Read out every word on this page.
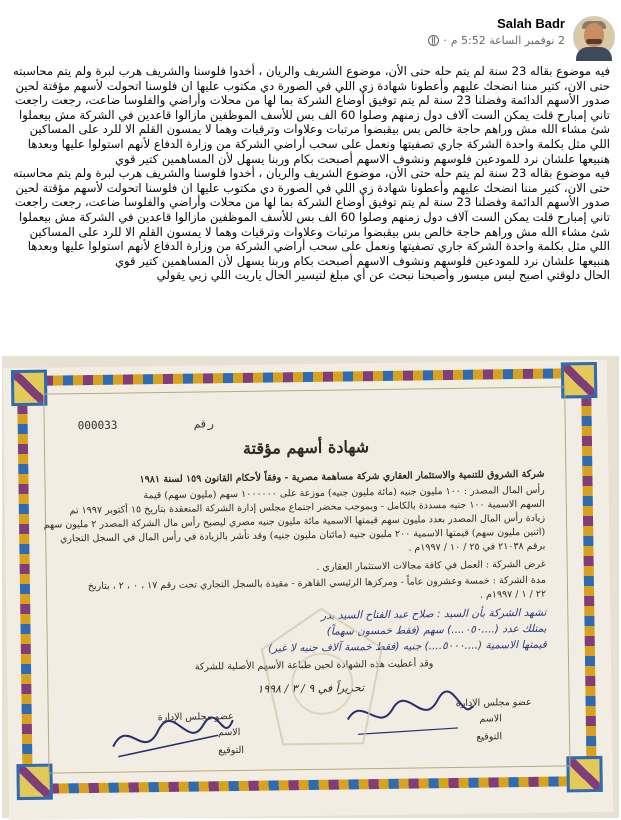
Salah Badr
2 نوفمبر الساعة 5:52 م
·
فيه موضوع بقاله 23 سنة لم يتم حله حتى الأن، موضوع الشريف والريان ، أخدوا فلوسنا والشريف هرب لبرة ولم يتم محاسبته حتى الان، كتير مننا انضحك عليهم وأعطونا شهادة زي اللي في الصورة دي مكتوب عليها ان فلوسنا اتحولت لأسهم مؤقتة لحين صدور الأسهم الدائمة وفضلنا 23 سنة لم يتم توفيق أوضاع الشركة بما لها من محلات وأراضي والفلوسا ضاعت، رجعت راجعت تاني إمبارح قلت يمكن الست آلاف دول زمنهم وصلوا 60 الف بس للأسف الموظفين مازالوا قاعدين في الشركة مش بيعملوا شئ مشاء الله مش وراهم حاجة خالص بس بيقبضوا مرتبات وعلاوات وترقيات وهما لا يمسون القلم الا للرد على المساكين اللي مثل بكلمة واحدة الشركة جاري تصفيتها ونعمل على سحب أراضي الشركة من وزارة الدفاع لأنهم استولوا عليها وبعدها هنبيعها علشان نرد للمودعين فلوسهم ونشوف الاسهم أصبحت بكام وربنا يسهل لأن المساهمين كتير قوي
فيه موضوع بقاله 23 سنة لم يتم حله حتى الأن، موضوع الشريف والريان ، أخدوا فلوسنا والشريف هرب لبرة ولم يتم محاسبته حتى الان، كتير مننا انضحك عليهم وأعطونا شهادة زي اللي في الصورة دي مكتوب عليها ان فلوسنا اتحولت لأسهم مؤقتة لحين صدور الأسهم الدائمة وفضلنا 23 سنة لم يتم توفيق أوضاع الشركة بما لها من محلات وأراضي والفلوسا ضاعت، رجعت راجعت تاني إمبارح قلت يمكن الست آلاف دول زمنهم وصلوا 60 الف بس للأسف الموظفين مازالوا قاعدين في الشركة مش بيعملوا شئ مشاء الله مش وراهم حاجة خالص بس بيقبضوا مرتبات وعلاوات وترقيات وهما لا يمسون القلم الا للرد على المساكين اللي مثل بكلمة واحدة الشركة جاري تصفيتها ونعمل على سحب أراضي الشركة من وزارة الدفاع لأنهم استولوا عليها وبعدها هنبيعها علشان نرد للمودعين فلوسهم ونشوف الاسهم أصبحت بكام وربنا يسهل لأن المساهمين كتير قوي
الحال دلوقتي اصبح ليس ميسور وأصبحنا نبحث عن أي مبلغ لتيسير الحال ياريت اللي زيي يقولي
000033	رقم
شهادة أسهم مؤقتة
شركة الشروق للتنمية والاستثمار العقاري شركة مساهمة مصرية - وفقاً لأحكام القانون ١٥٩ لسنة ١٩٨١
رأس المال المصدر : ١٠٠ مليون جنيه (مائة مليون جنيه) موزعة على ١٠٠٠٠٠٠ سهم (مليون سهم) قيمة
السهم الاسمية ١٠٠ جنيه مسددة بالكامل - وبموجب محضر اجتماع مجلس إدارة الشركة المنعقدة بتاريخ ١٥ أكتوبر ١٩٩٧ تم
زيادة رأس المال المصدر بعدد مليون سهم قيمتها الاسمية مائة مليون جنيه مصري ليصبح رأس مال الشركة المصدر ٢ مليون سهم
(اثنين مليون سهم) قيمتها الاسمية ٢٠٠ مليون جنيه (مائتان مليون جنيه) وقد تأشر بالزيادة في رأس المال في السجل التجاري
برقم ٢١٠٣٨ في ٢٥ / ١٠ / ١٩٩٧م .
غرض الشركة : العمل في كافة مجالات الاستثمار العقاري .
مدة الشركة : خمسة وعشرون عاماً - ومركزها الرئيسي القاهرة - مقيدة بالسجل التجاري تحت رقم ١٧ ، ٠ ، ٢ ، بتاريخ
٢٢ / ١ / ١٩٩٧م .
تشهد الشركة بأن السيد : صلاح عبد الفتاح السيد بدر
يمتلك عدد (....٠٥٠....) سهم (فقط خمسون سهماً)
قيمتها الاسمية (....٥٠٠٠....) جنيه (فقط خمسة آلاف جنيه لا غير)
وقد أعطيت هذه الشهادة لحين طباعة الأسهم الأصلية للشركة
تحريراً في ٩ / ٣ / ١٩٩٨
عضو مجلس الإدارة
الاسم
التوقيع
عضو مجلس الإدارة
الاسم
التوقيع
